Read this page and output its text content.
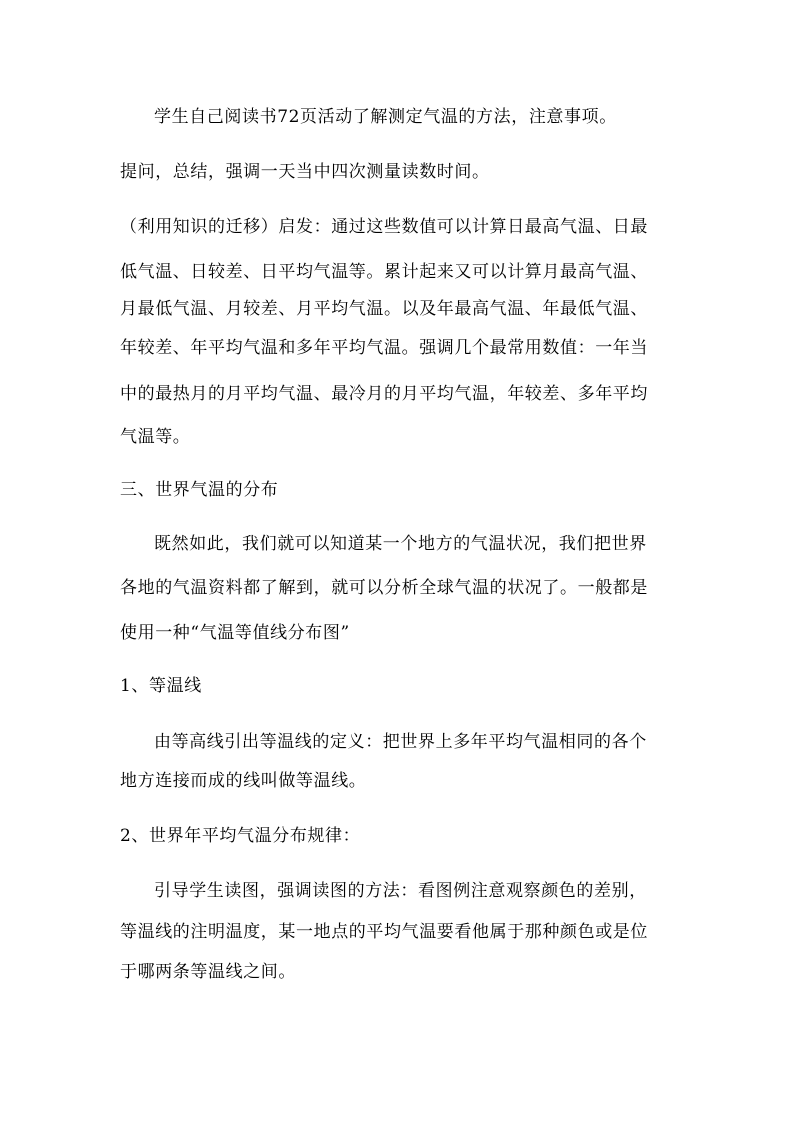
学生自己阅读书72页活动了解测定气温的方法，注意事项。
提问，总结，强调一天当中四次测量读数时间。
（利用知识的迁移）启发：通过这些数值可以计算日最高气温、日最
低气温、日较差、日平均气温等。累计起来又可以计算月最高气温、
月最低气温、月较差、月平均气温。以及年最高气温、年最低气温、
年较差、年平均气温和多年平均气温。强调几个最常用数值：一年当
中的最热月的月平均气温、最冷月的月平均气温，年较差、多年平均
气温等。
三、世界气温的分布
既然如此，我们就可以知道某一个地方的气温状况，我们把世界
各地的气温资料都了解到，就可以分析全球气温的状况了。一般都是
使用一种“气温等值线分布图”
1、等温线
由等高线引出等温线的定义：把世界上多年平均气温相同的各个
地方连接而成的线叫做等温线。
2、世界年平均气温分布规律：
引导学生读图，强调读图的方法：看图例注意观察颜色的差别，
等温线的注明温度，某一地点的平均气温要看他属于那种颜色或是位
于哪两条等温线之间。
